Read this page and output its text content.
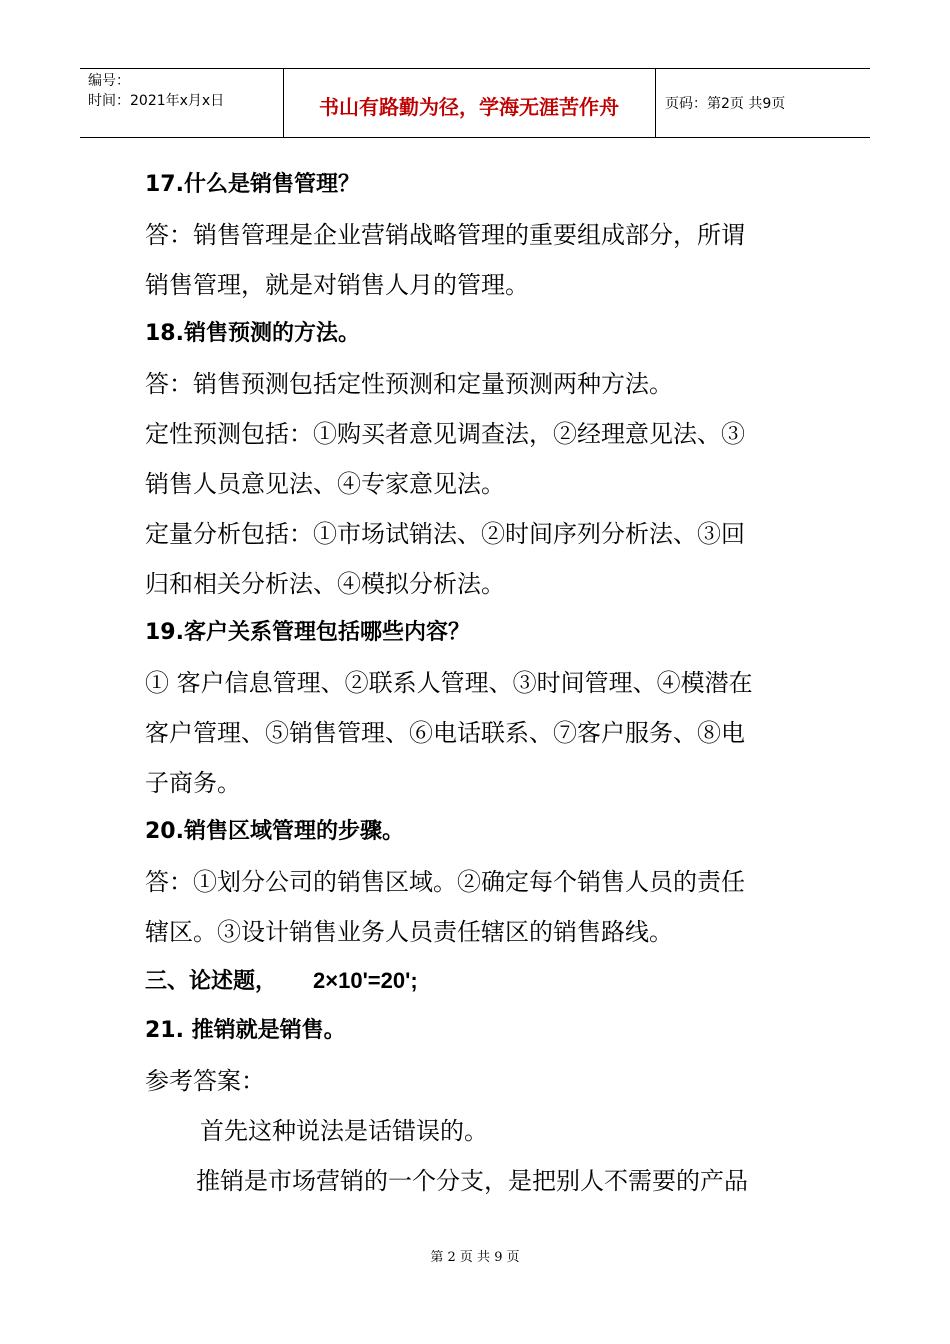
编号：
时间：2021年x月x日	书山有路勤为径，学海无涯苦作舟	页码：第2页 共9页
17.什么是销售管理？
答：销售管理是企业营销战略管理的重要组成部分，所谓
销售管理，就是对销售人月的管理。
18.销售预测的方法。
答：销售预测包括定性预测和定量预测两种方法。
定性预测包括：①购买者意见调查法，②经理意见法、③
销售人员意见法、④专家意见法。
定量分析包括：①市场试销法、②时间序列分析法、③回
归和相关分析法、④模拟分析法。
19.客户关系管理包括哪些内容？
① 客户信息管理、②联系人管理、③时间管理、④模潜在
客户管理、⑤销售管理、⑥电话联系、⑦客户服务、⑧电
子商务。
20.销售区域管理的步骤。
答：①划分公司的销售区域。②确定每个销售人员的责任
辖区。③设计销售业务人员责任辖区的销售路线。
三、论述题， 2×10'=20';
21. 推销就是销售。
参考答案：
首先这种说法是话错误的。
推销是市场营销的一个分支，是把别人不需要的产品
第 2 页 共 9 页
